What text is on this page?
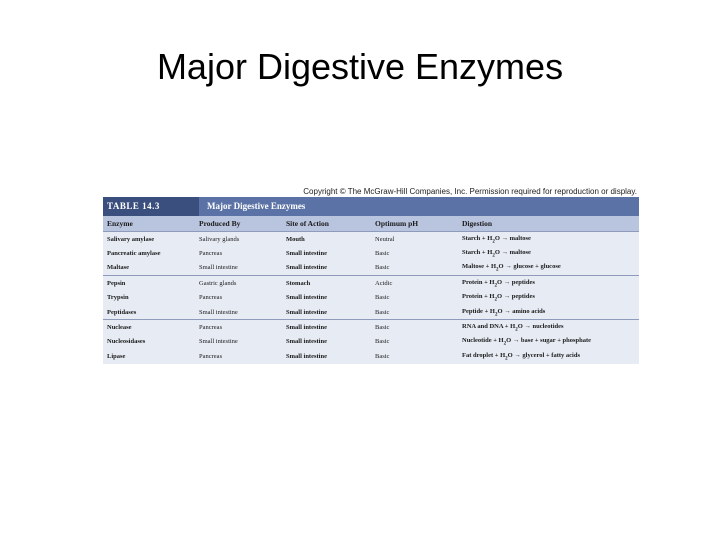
Major Digestive Enzymes
Copyright © The McGraw-Hill Companies, Inc. Permission required for reproduction or display.
TABLE 14.3	Major Digestive Enzymes
Enzyme	Produced By	Site of Action	Optimum pH	Digestion
Salivary amylase	Salivary glands	Mouth	Neutral	Starch + $H_2O$ → maltose
Pancreatic amylase	Pancreas	Small intestine	Basic	Starch + $H_2O$ → maltose
Maltase	Small intestine	Small intestine	Basic	Maltose + $H_2O \to glucose + glucose$
Pepsin	Gastric glands	Stomach	Acidic	Protein + $H_2O$ → peptides
Trypsin	Pancreas	Small intestine	Basic	Protein + $H_2O$ → peptides
Peptidases	Small intestine	Small intestine	Basic	Peptide + $H_2O \to amino$ acids
Nuclease	Pancreas	Small intestine	Basic	RNA and DNA + $H_2O$ → nucleotides
Nucleosidases	Small intestine	Small intestine	Basic	Nucleotide + $H_2O$ → base + sugar + phosphate
Lipase	Pancreas	Small intestine	Basic	Fat droplet + $H_2O$ → glycerol + fatty acids
